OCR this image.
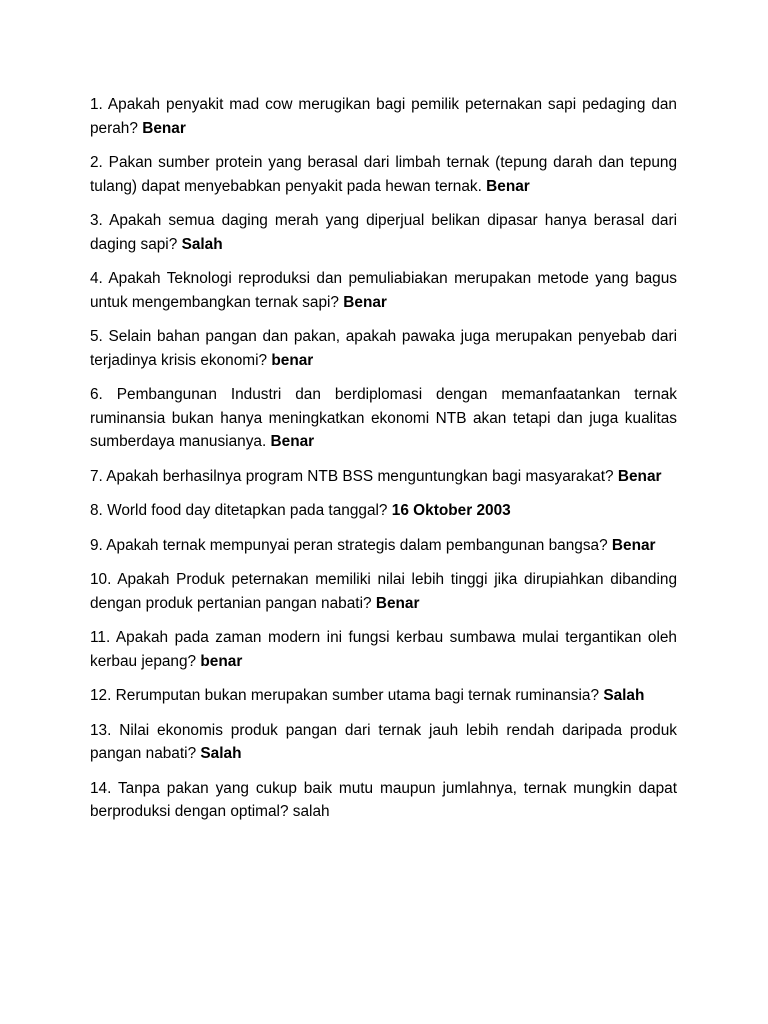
1. Apakah penyakit mad cow merugikan bagi pemilik peternakan sapi pedaging dan perah? Benar

2. Pakan sumber protein yang berasal dari limbah ternak (tepung darah dan tepung tulang) dapat menyebabkan penyakit pada hewan ternak. Benar

3. Apakah semua daging merah yang diperjual belikan dipasar hanya berasal dari daging sapi? Salah

4. Apakah Teknologi reproduksi dan pemuliabiakan merupakan metode yang bagus untuk mengembangkan ternak sapi? Benar

5. Selain bahan pangan dan pakan, apakah pawaka juga merupakan penyebab dari terjadinya krisis ekonomi? benar

6. Pembangunan Industri dan berdiplomasi dengan memanfaatankan ternak ruminansia bukan hanya meningkatkan ekonomi NTB akan tetapi dan juga kualitas sumberdaya manusianya. Benar

7. Apakah berhasilnya program NTB BSS menguntungkan bagi masyarakat? Benar

8. World food day ditetapkan pada tanggal? 16 Oktober 2003

9. Apakah ternak mempunyai peran strategis dalam pembangunan bangsa? Benar

10. Apakah Produk peternakan memiliki nilai lebih tinggi jika dirupiahkan dibanding dengan produk pertanian pangan nabati? Benar

11. Apakah pada zaman modern ini fungsi kerbau sumbawa mulai tergantikan oleh kerbau jepang? benar

12. Rerumputan bukan merupakan sumber utama bagi ternak ruminansia? Salah

13. Nilai ekonomis produk pangan dari ternak jauh lebih rendah daripada produk pangan nabati? Salah

14. Tanpa pakan yang cukup baik mutu maupun jumlahnya, ternak mungkin dapat berproduksi dengan optimal? salah
